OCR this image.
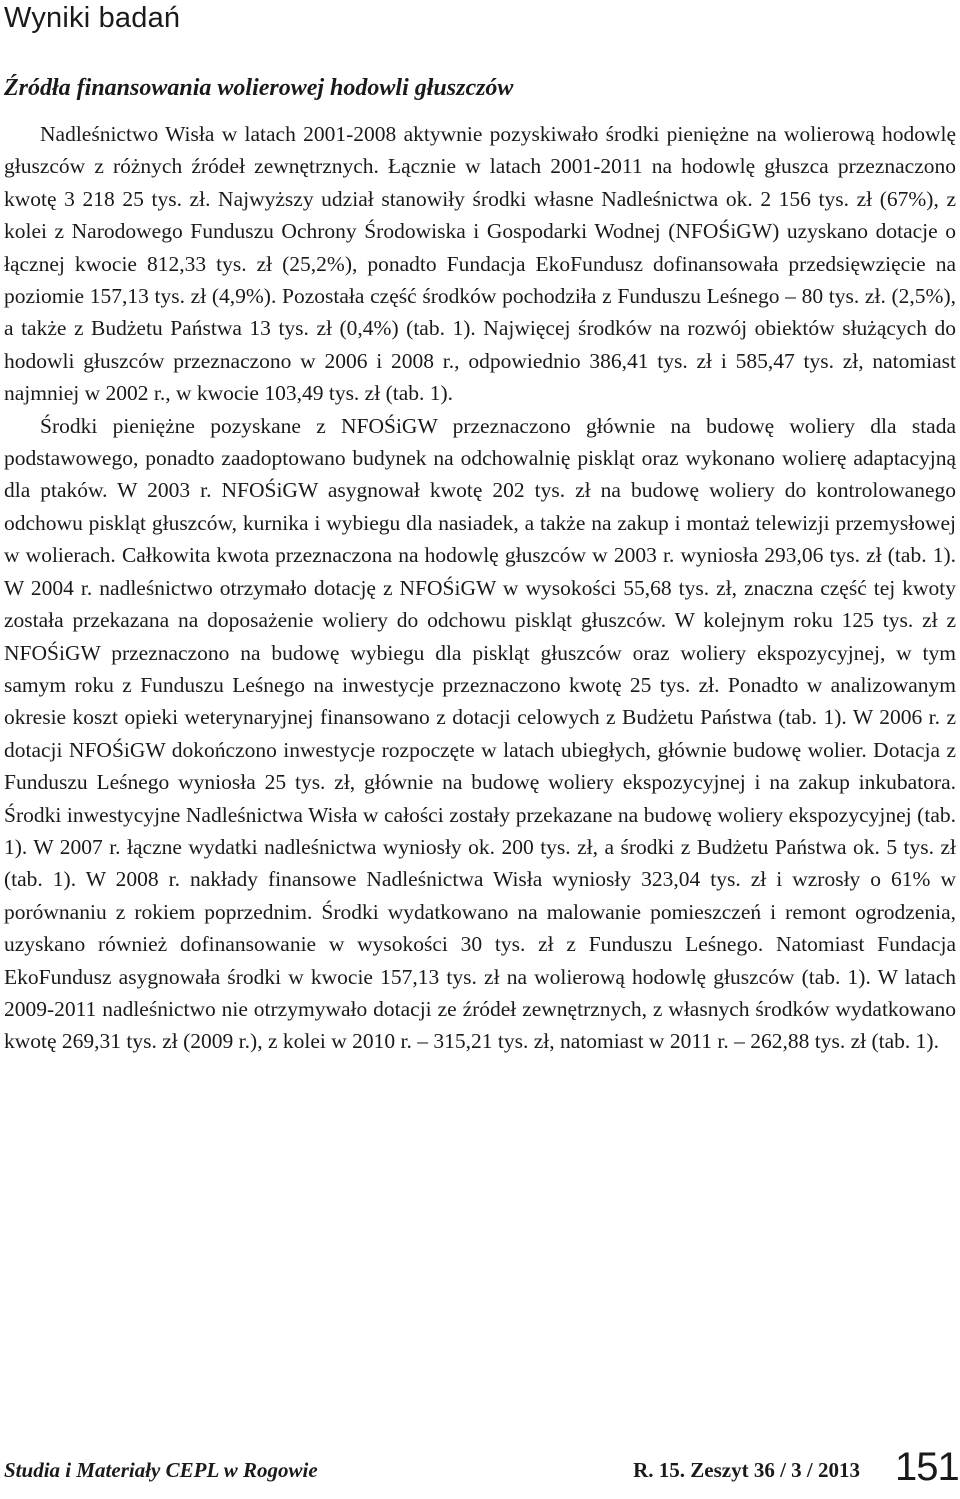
Wyniki badań
Źródła finansowania wolierowej hodowli głuszczów

Nadleśnictwo Wisła w latach 2001-2008 aktywnie pozyskiwało środki pieniężne na wolierową hodowlę głuszców z różnych źródeł zewnętrznych. Łącznie w latach 2001-2011 na hodowlę głuszca przeznaczono kwotę 3 218 25 tys. zł. Najwyższy udział stanowiły środki własne Nadleśnictwa ok. 2 156 tys. zł (67%), z kolei z Narodowego Funduszu Ochrony Środowiska i Gospodarki Wodnej (NFOŚiGW) uzyskano dotacje o łącznej kwocie 812,33 tys. zł (25,2%), ponadto Fundacja EkoFundusz dofinansowała przedsięwzięcie na poziomie 157,13 tys. zł (4,9%). Pozostała część środków pochodziła z Funduszu Leśnego – 80 tys. zł. (2,5%), a także z Budżetu Państwa 13 tys. zł (0,4%) (tab. 1). Najwięcej środków na rozwój obiektów służących do hodowli głuszców przeznaczono w 2006 i 2008 r., odpowiednio 386,41 tys. zł i 585,47 tys. zł, natomiast najmniej w 2002 r., w kwocie 103,49 tys. zł (tab. 1).

Środki pieniężne pozyskane z NFOŚiGW przeznaczono głównie na budowę woliery dla stada podstawowego, ponadto zaadoptowano budynek na odchowalnię piskląt oraz wykonano wolierę adaptacyjną dla ptaków. W 2003 r. NFOŚiGW asygnował kwotę 202 tys. zł na budowę woliery do kontrolowanego odchowu piskląt głuszców, kurnika i wybiegu dla nasiadek, a także na zakup i montaż telewizji przemysłowej w wolierach. Całkowita kwota przeznaczona na hodowlę głuszców w 2003 r. wyniosła 293,06 tys. zł (tab. 1). W 2004 r. nadleśnictwo otrzymało dotację z NFOŚiGW w wysokości 55,68 tys. zł, znaczna część tej kwoty została przekazana na doposażenie woliery do odchowu piskląt głuszców. W kolejnym roku 125 tys. zł z NFOŚiGW przeznaczono na budowę wybiegu dla piskląt głuszców oraz woliery ekspozycyjnej, w tym samym roku z Funduszu Leśnego na inwestycje przeznaczono kwotę 25 tys. zł. Ponadto w analizowanym okresie koszt opieki weterynaryjnej finansowano z dotacji celowych z Budżetu Państwa (tab. 1). W 2006 r. z dotacji NFOŚiGW dokończono inwestycje rozpoczęte w latach ubiegłych, głównie budowę wolier. Dotacja z Funduszu Leśnego wyniosła 25 tys. zł, głównie na budowę woliery ekspozycyjnej i na zakup inkubatora. Środki inwestycyjne Nadleśnictwa Wisła w całości zostały przekazane na budowę woliery ekspozycyjnej (tab. 1). W 2007 r. łączne wydatki nadleśnictwa wyniosły ok. 200 tys. zł, a środki z Budżetu Państwa ok. 5 tys. zł (tab. 1). W 2008 r. nakłady finansowe Nadleśnictwa Wisła wyniosły 323,04 tys. zł i wzrosły o 61% w porównaniu z rokiem poprzednim. Środki wydatkowano na malowanie pomieszczeń i remont ogrodzenia, uzyskano również dofinansowanie w wysokości 30 tys. zł z Funduszu Leśnego. Natomiast Fundacja EkoFundusz asygnowała środki w kwocie 157,13 tys. zł na wolierową hodowlę głuszców (tab. 1). W latach 2009-2011 nadleśnictwo nie otrzymywało dotacji ze źródeł zewnętrznych, z własnych środków wydatkowano kwotę 269,31 tys. zł (2009 r.), z kolei w 2010 r. – 315,21 tys. zł, natomiast w 2011 r. – 262,88 tys. zł (tab. 1).

Studia i Materiały CEPL w Rogowie	R. 15. Zeszyt 36 / 3 / 2013 151
